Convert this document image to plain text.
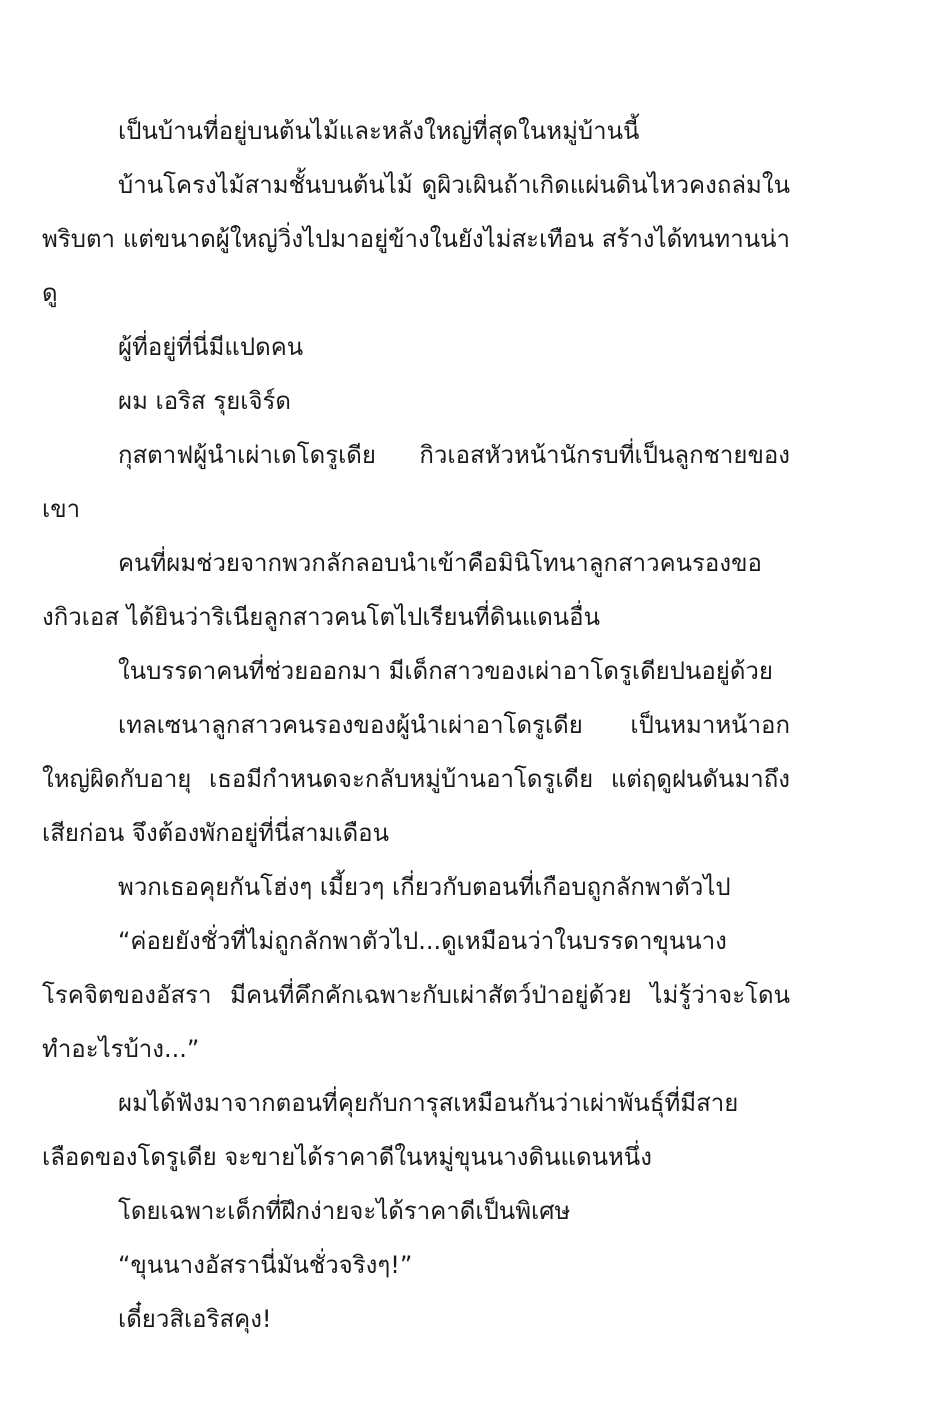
เป็นบ้านที่อยู่บนต้นไม้และหลังใหญ่ที่สุดในหมู่บ้านนี้

บ้านโครงไม้สามชั้นบนต้นไม้ ดูผิวเผินถ้าเกิดแผ่นดินไหวคงถล่มในพริบตา แต่ขนาดผู้ใหญ่วิ่งไปมาอยู่ข้างในยังไม่สะเทือน สร้างได้ทนทานน่าดู

ผู้ที่อยู่ที่นี่มีแปดคน

ผม เอริส รุยเจิร์ด

กุสตาฟผู้นำเผ่าเดโดรูเดีย กิวเอสหัวหน้านักรบที่เป็นลูกชายของเขา

คนที่ผมช่วยจากพวกลักลอบนำเข้าคือมินิโทนาลูกสาวคนรองของกิวเอส ได้ยินว่าริเนียลูกสาวคนโตไปเรียนที่ดินแดนอื่น

ในบรรดาคนที่ช่วยออกมา มีเด็กสาวของเผ่าอาโดรูเดียปนอยู่ด้วย

เทลเซนาลูกสาวคนรองของผู้นำเผ่าอาโดรูเดีย เป็นหมาหน้าอกใหญ่ผิดกับอายุ เธอมีกำหนดจะกลับหมู่บ้านอาโดรูเดีย แต่ฤดูฝนดันมาถึงเสียก่อน จึงต้องพักอยู่ที่นี่สามเดือน

พวกเธอคุยกันโฮ่งๆ เมี้ยวๆ เกี่ยวกับตอนที่เกือบถูกลักพาตัวไป

“ค่อยยังชั่วที่ไม่ถูกลักพาตัวไป...ดูเหมือนว่าในบรรดาขุนนางโรคจิตของอัสรา มีคนที่คึกคักเฉพาะกับเผ่าสัตว์ป่าอยู่ด้วย ไม่รู้ว่าจะโดนทำอะไรบ้าง...”

ผมได้ฟังมาจากตอนที่คุยกับการุสเหมือนกันว่าเผ่าพันธุ์ที่มีสายเลือดของโดรูเดีย จะขายได้ราคาดีในหมู่ขุนนางดินแดนหนึ่ง

โดยเฉพาะเด็กที่ฝึกง่ายจะได้ราคาดีเป็นพิเศษ

“ขุนนางอัสรานี่มันชั่วจริงๆ!”

เดี๋ยวสิเอริสคุง!
